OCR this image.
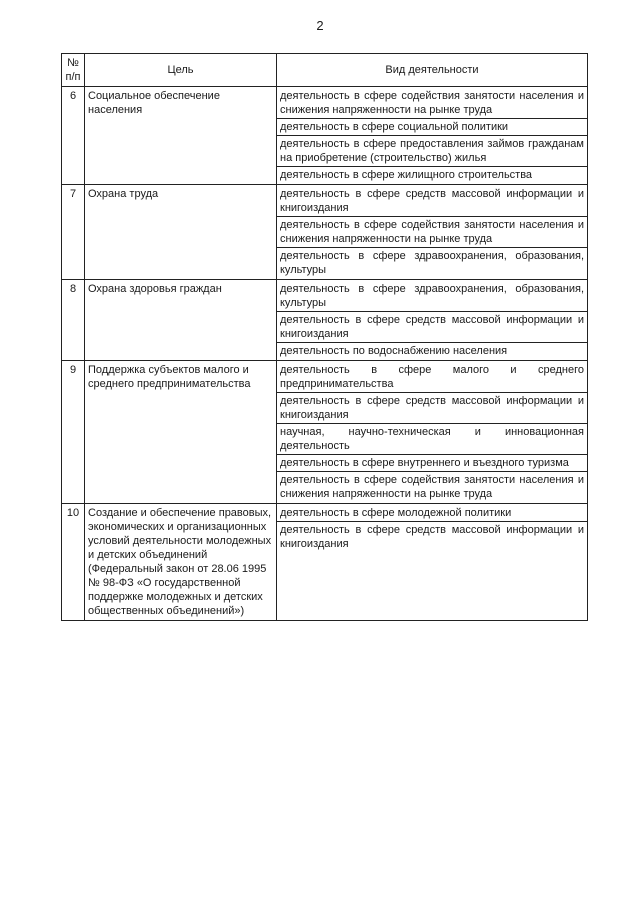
2
№ п/п	Цель	Вид деятельности
6	Социальное обеспечение населения	деятельность в сфере содействия занятости населения и снижения напряженности на рынке труда
деятельность в сфере социальной политики
деятельность в сфере предоставления займов гражданам на приобретение (строительство) жилья
деятельность в сфере жилищного строительства

7	Охрана труда	деятельность в сфере средств массовой информации и книгоиздания
деятельность в сфере содействия занятости населения и снижения напряженности на рынке труда
деятельность в сфере здравоохранения, образования, культуры

8	Охрана здоровья граждан	деятельность в сфере здравоохранения, образования, культуры
деятельность в сфере средств массовой информации и книгоиздания
деятельность по водоснабжению населения

9	Поддержка субъектов малого и среднего предпринимательства	деятельность в сфере малого и среднего предпринимательства
деятельность в сфере средств массовой информации и книгоиздания
научная, научно-техническая и инновационная деятельность
деятельность в сфере внутреннего и въездного туризма
деятельность в сфере содействия занятости населения и снижения напряженности на рынке труда

10	Создание и обеспечение правовых, экономических и организационных условий деятельности молодежных и детских объединений (Федеральный закон от 28.06 1995 № 98-ФЗ «О государственной поддержке молодежных и детских общественных объединений»)	деятельность в сфере молодежной политики
деятельность в сфере средств массовой информации и книгоиздания
